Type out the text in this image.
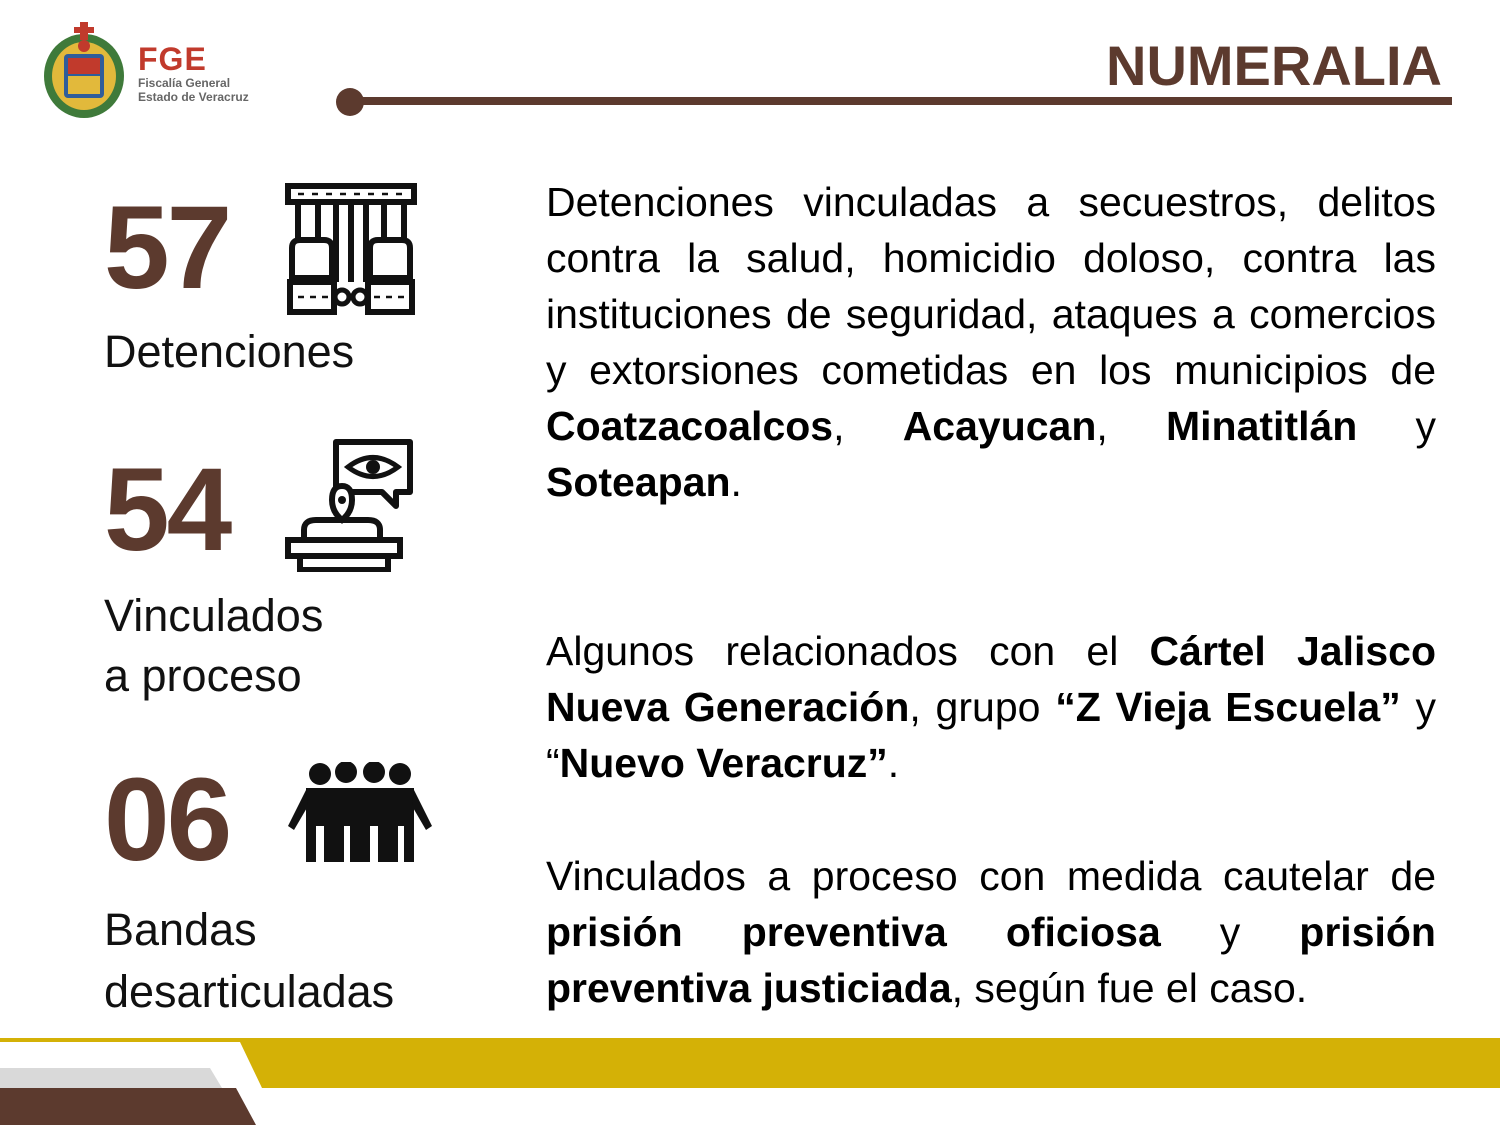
FGE
Fiscalía General
Estado de Veracruz	NUMERALIA
57
Detenciones
54
Vinculados
a proceso
06
Bandas
desarticuladas

Detenciones vinculadas a secuestros, delitos contra la salud, homicidio doloso, contra las instituciones de seguridad, ataques a comercios y extorsiones cometidas en los municipios de Coatzacoalcos, Acayucan, Minatitlán y Soteapan.

Algunos relacionados con el Cártel Jalisco Nueva Generación, grupo “Z Vieja Escuela” y “Nuevo Veracruz”.

Vinculados a proceso con medida cautelar de prisión preventiva oficiosa y prisión preventiva justiciada, según fue el caso.
